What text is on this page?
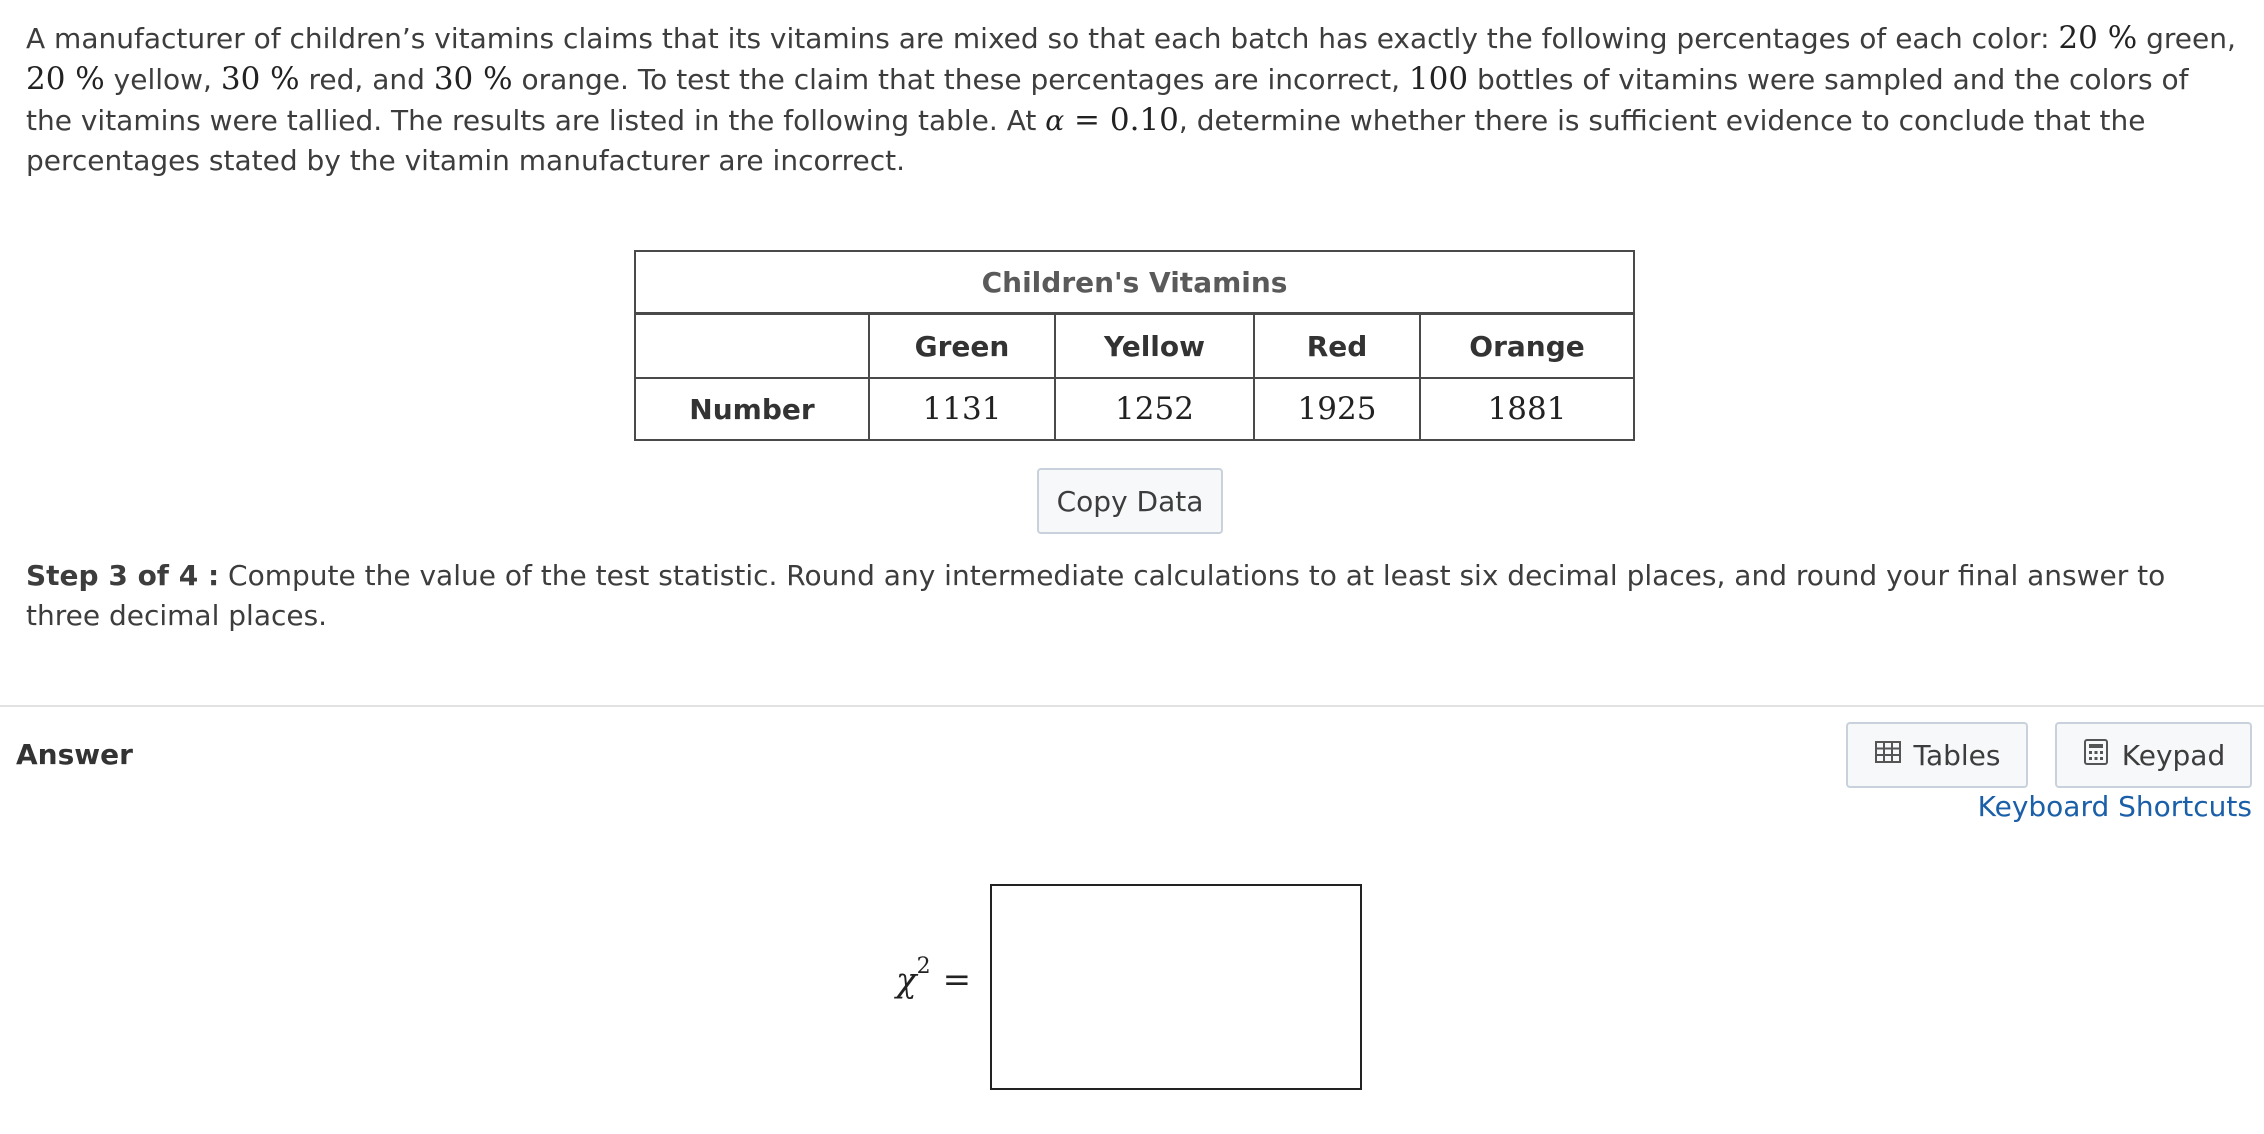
A manufacturer of children’s vitamins claims that its vitamins are mixed so that each batch has exactly the following percentages of each color: 20 % green, 20 % yellow, 30 % red, and 30 % orange. To test the claim that these percentages are incorrect, 100 bottles of vitamins were sampled and the colors of the vitamins were tallied. The results are listed in the following table. At α = 0.10, determine whether there is sufficient evidence to conclude that the percentages stated by the vitamin manufacturer are incorrect.

Children's Vitamins				
	Green	Yellow	Red	Orange
Number	1131	1252	1925	1881
Copy Data

Step 3 of 4 : Compute the value of the test statistic. Round any intermediate calculations to at least six decimal places, and round your final answer to three decimal places.

Answer	Tables	Keypad
Keyboard Shortcuts
$\chi^2$ =
